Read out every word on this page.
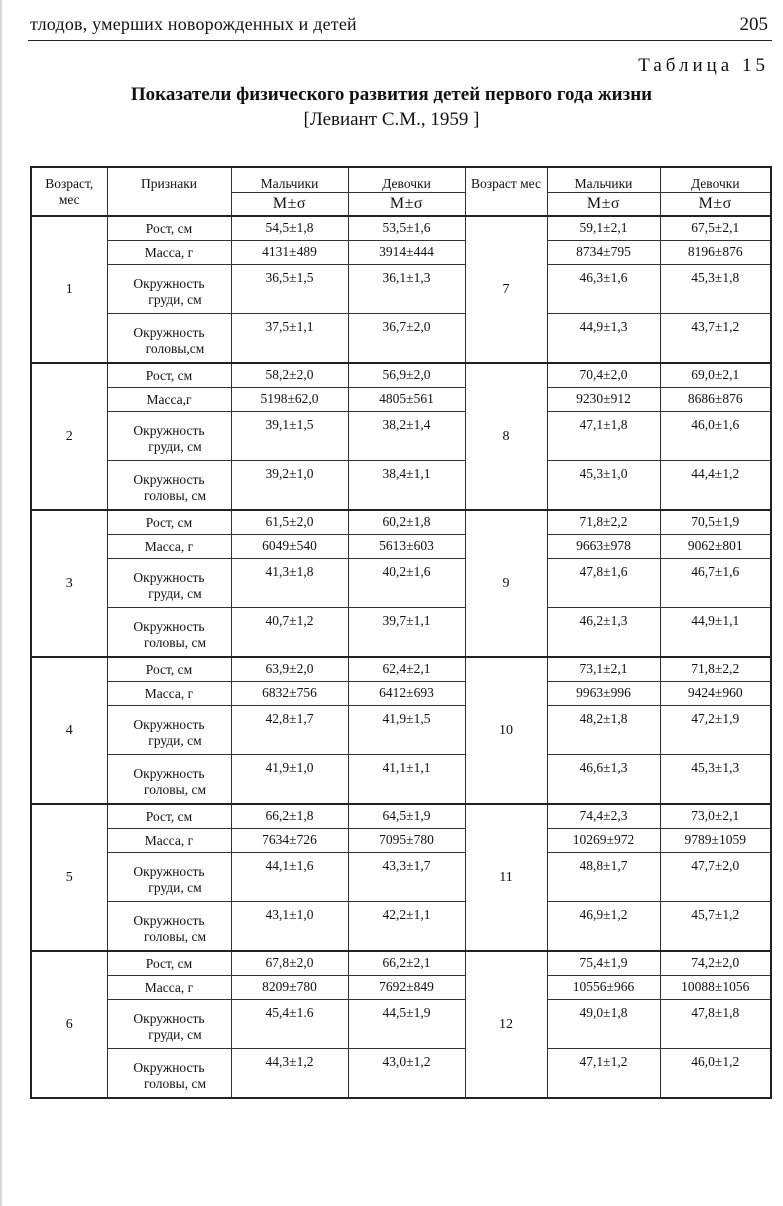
тлодов, умерших новорожденных и детей	205
Таблица 15
Показатели физического развития детей первого года жизни
[Левиант С.М., 1959 ]
Возраст, мес	Признаки	Мальчики	Девочки	Возраст мес	Мальчики	Девочки
		М±σ	М±σ		М±σ	М±σ
1	Рост, см	54,5±1,8	53,5±1,6	7	59,1±2,1	67,5±2,1

	Масса, г	4131±489	3914±444		8734±795	8196±876

	Окружность
груди, см	36,5±1,5	36,1±1,3		46,3±1,6	45,3±1,8

	Окружность
головы,см	37,5±1,1	36,7±2,0		44,9±1,3	43,7±1,2
2	Рост, см	58,2±2,0	56,9±2,0	8	70,4±2,0	69,0±2,1

	Масса,г	5198±62,0	4805±561		9230±912	8686±876

	Окружность
груди, см	39,1±1,5	38,2±1,4		47,1±1,8	46,0±1,6

	Окружность
головы, см	39,2±1,0	38,4±1,1		45,3±1,0	44,4±1,2
3	Рост, см	61,5±2,0	60,2±1,8	9	71,8±2,2	70,5±1,9

	Масса, г	6049±540	5613±603		9663±978	9062±801

	Окружность
груди, см	41,3±1,8	40,2±1,6		47,8±1,6	46,7±1,6

	Окружность
головы, см	40,7±1,2	39,7±1,1		46,2±1,3	44,9±1,1
4	Рост, см	63,9±2,0	62,4±2,1	10	73,1±2,1	71,8±2,2

	Масса, г	6832±756	6412±693		9963±996	9424±960

	Окружность
груди, см	42,8±1,7	41,9±1,5		48,2±1,8	47,2±1,9

	Окружность
головы, см	41,9±1,0	41,1±1,1		46,6±1,3	45,3±1,3
5	Рост, см	66,2±1,8	64,5±1,9	11	74,4±2,3	73,0±2,1

	Масса, г	7634±726	7095±780		10269±972	9789±1059

	Окружность
груди, см	44,1±1,6	43,3±1,7		48,8±1,7	47,7±2,0

	Окружность
головы, см	43,1±1,0	42,2±1,1		46,9±1,2	45,7±1,2
6	Рост, см	67,8±2,0	66,2±2,1	12	75,4±1,9	74,2±2,0

	Масса, г	8209±780	7692±849		10556±966	10088±1056

	Окружность
груди, см	45,4±1.6	44,5±1,9		49,0±1,8	47,8±1,8

	Окружность
головы, см	44,3±1,2	43,0±1,2		47,1±1,2	46,0±1,2
